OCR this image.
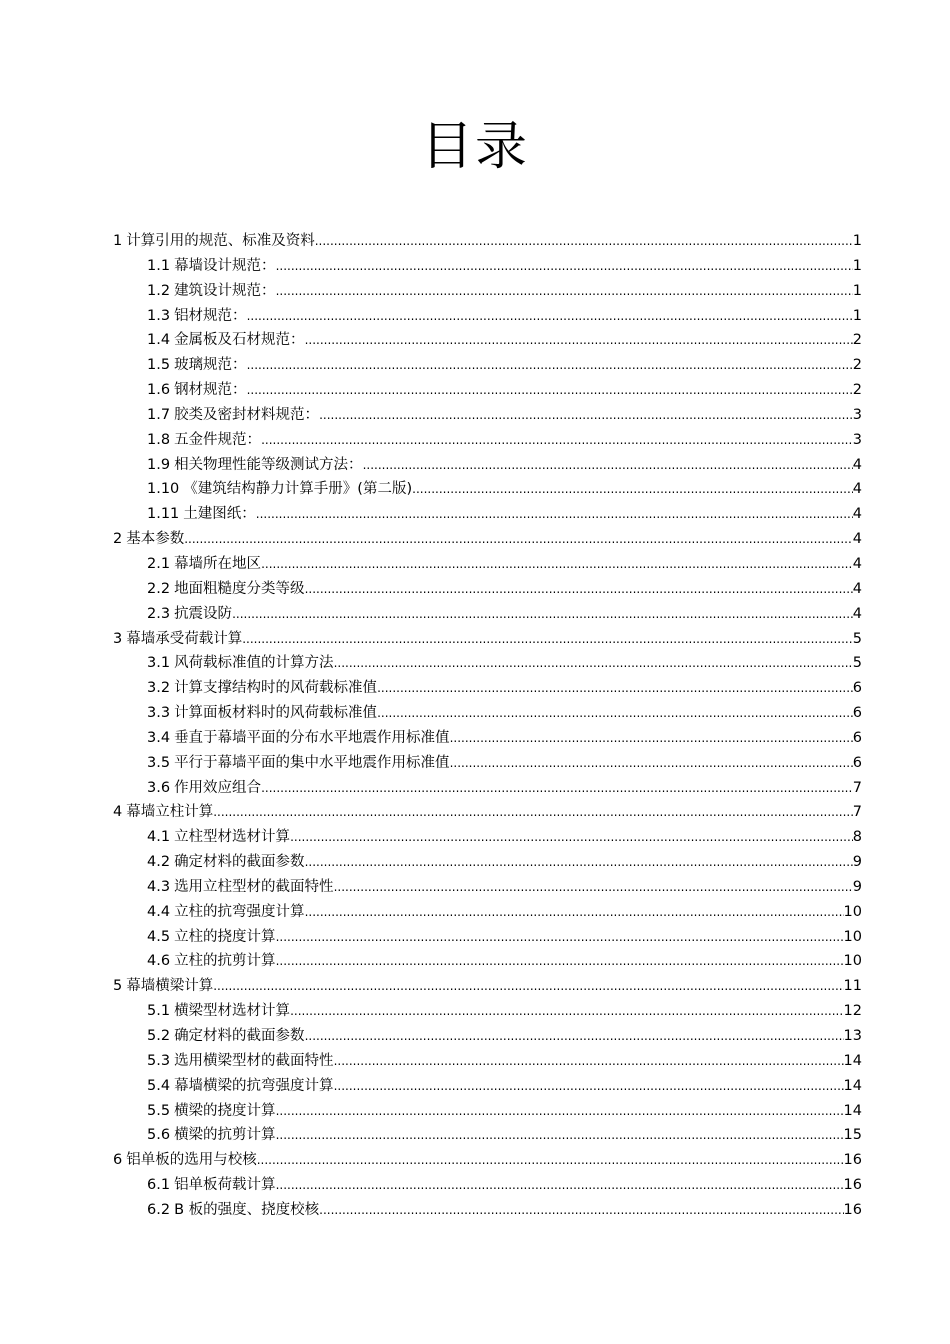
目录
1 计算引用的规范、标准及资料 .....	1
1.1 幕墙设计规范： .....	1
1.2 建筑设计规范： .....	1
1.3 铝材规范： .....	1
1.4 金属板及石材规范： .....	2
1.5 玻璃规范： .....	2
1.6 钢材规范： .....	2
1.7 胶类及密封材料规范： .....	3
1.8 五金件规范： .....	3
1.9 相关物理性能等级测试方法： .....	4
1.10 《建筑结构静力计算手册》(第二版) .....	4
1.11 土建图纸： .....	4
2 基本参数 .....	4
2.1 幕墙所在地区 .....	4
2.2 地面粗糙度分类等级 .....	4
2.3 抗震设防 .....	4
3 幕墙承受荷载计算 .....	5
3.1 风荷载标准值的计算方法 .....	5
3.2 计算支撑结构时的风荷载标准值 .....	6
3.3 计算面板材料时的风荷载标准值 .....	6
3.4 垂直于幕墙平面的分布水平地震作用标准值 .....	6
3.5 平行于幕墙平面的集中水平地震作用标准值 .....	6
3.6 作用效应组合 .....	7
4 幕墙立柱计算 .....	7
4.1 立柱型材选材计算 .....	8
4.2 确定材料的截面参数 .....	9
4.3 选用立柱型材的截面特性 .....	9
4.4 立柱的抗弯强度计算 .....	10
4.5 立柱的挠度计算 .....	10
4.6 立柱的抗剪计算 .....	10
5 幕墙横梁计算 .....	11
5.1 横梁型材选材计算 .....	12
5.2 确定材料的截面参数 .....	13
5.3 选用横梁型材的截面特性 .....	14
5.4 幕墙横梁的抗弯强度计算 .....	14
5.5 横梁的挠度计算 .....	14
5.6 横梁的抗剪计算 .....	15
6 铝单板的选用与校核 .....	16
6.1 铝单板荷载计算 .....	16
6.2 B 板的强度、挠度校核 .....	16
